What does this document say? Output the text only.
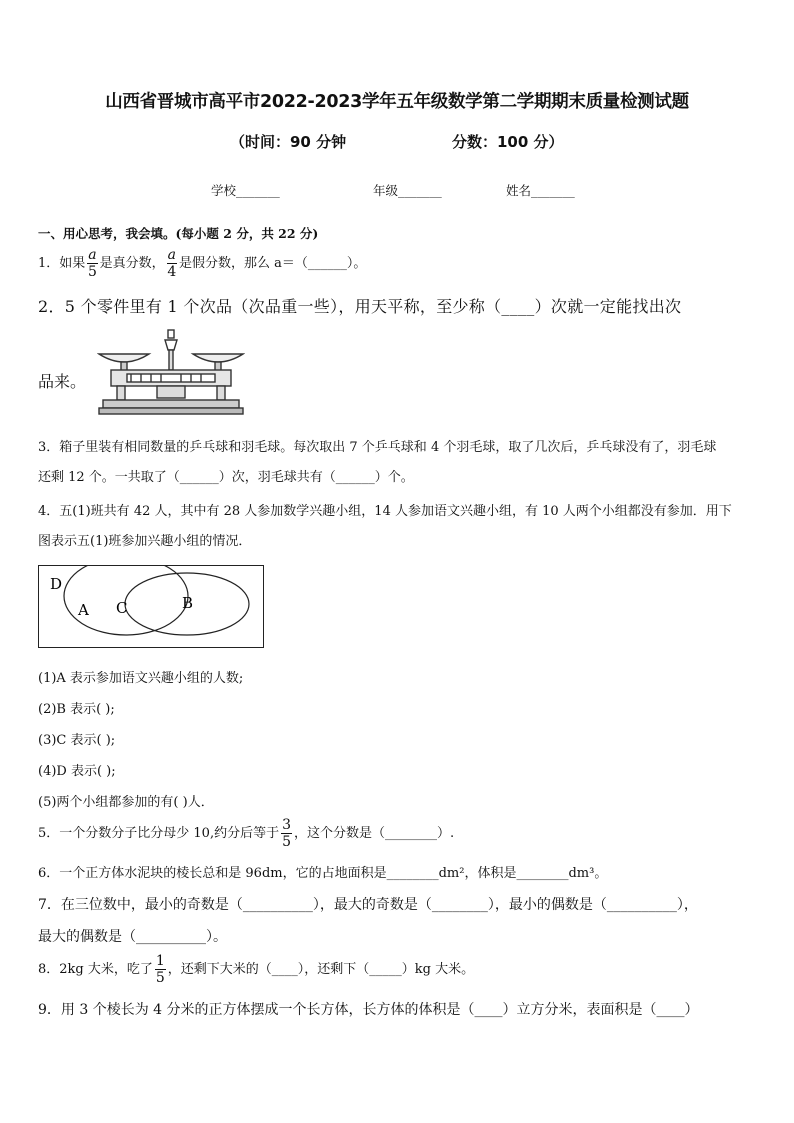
山西省晋城市高平市2022-2023学年五年级数学第二学期期末质量检测试题
（时间：90 分钟	分数：100 分）
学校_______	年级_______	姓名_______
一、用心思考，我会填。(每小题 2 分，共 22 分)
1．如果 $\frac{a}{5}$ 是真分数， $\frac{a}{4}$ 是假分数，那么 a＝（______）。
2．5 个零件里有 1 个次品（次品重一些），用天平称，至少称（____）次就一定能找出次
品来。
3．箱子里装有相同数量的乒乓球和羽毛球。每次取出 7 个乒乓球和 4 个羽毛球，取了几次后，乒乓球没有了，羽毛球
还剩 12 个。一共取了（______）次，羽毛球共有（______）个。
4．五(1)班共有 42 人，其中有 28 人参加数学兴趣小组，14 人参加语文兴趣小组，有 10 人两个小组都没有参加．用下
图表示五(1)班参加兴趣小组的情况．
D
A C	B
(1)A 表示参加语文兴趣小组的人数;
(2)B 表示( );
(3)C 表示( );
(4)D 表示( );
(5)两个小组都参加的有( )人．
5．一个分数分子比分母少 10,约分后等于 $\frac{3}{5}$ ，这个分数是（________）.
6．一个正方体水泥块的棱长总和是 96dm，它的占地面积是________dm²，体积是________dm³。
7．在三位数中，最小的奇数是（__________），最大的奇数是（________），最小的偶数是（__________），
最大的偶数是（__________）。
8．2kg 大米，吃了 $\frac{1}{5}$ ，还剩下大米的（____），还剩下（_____）kg 大米。
9．用 3 个棱长为 4 分米的正方体摆成一个长方体，长方体的体积是（____）立方分米，表面积是（____）
